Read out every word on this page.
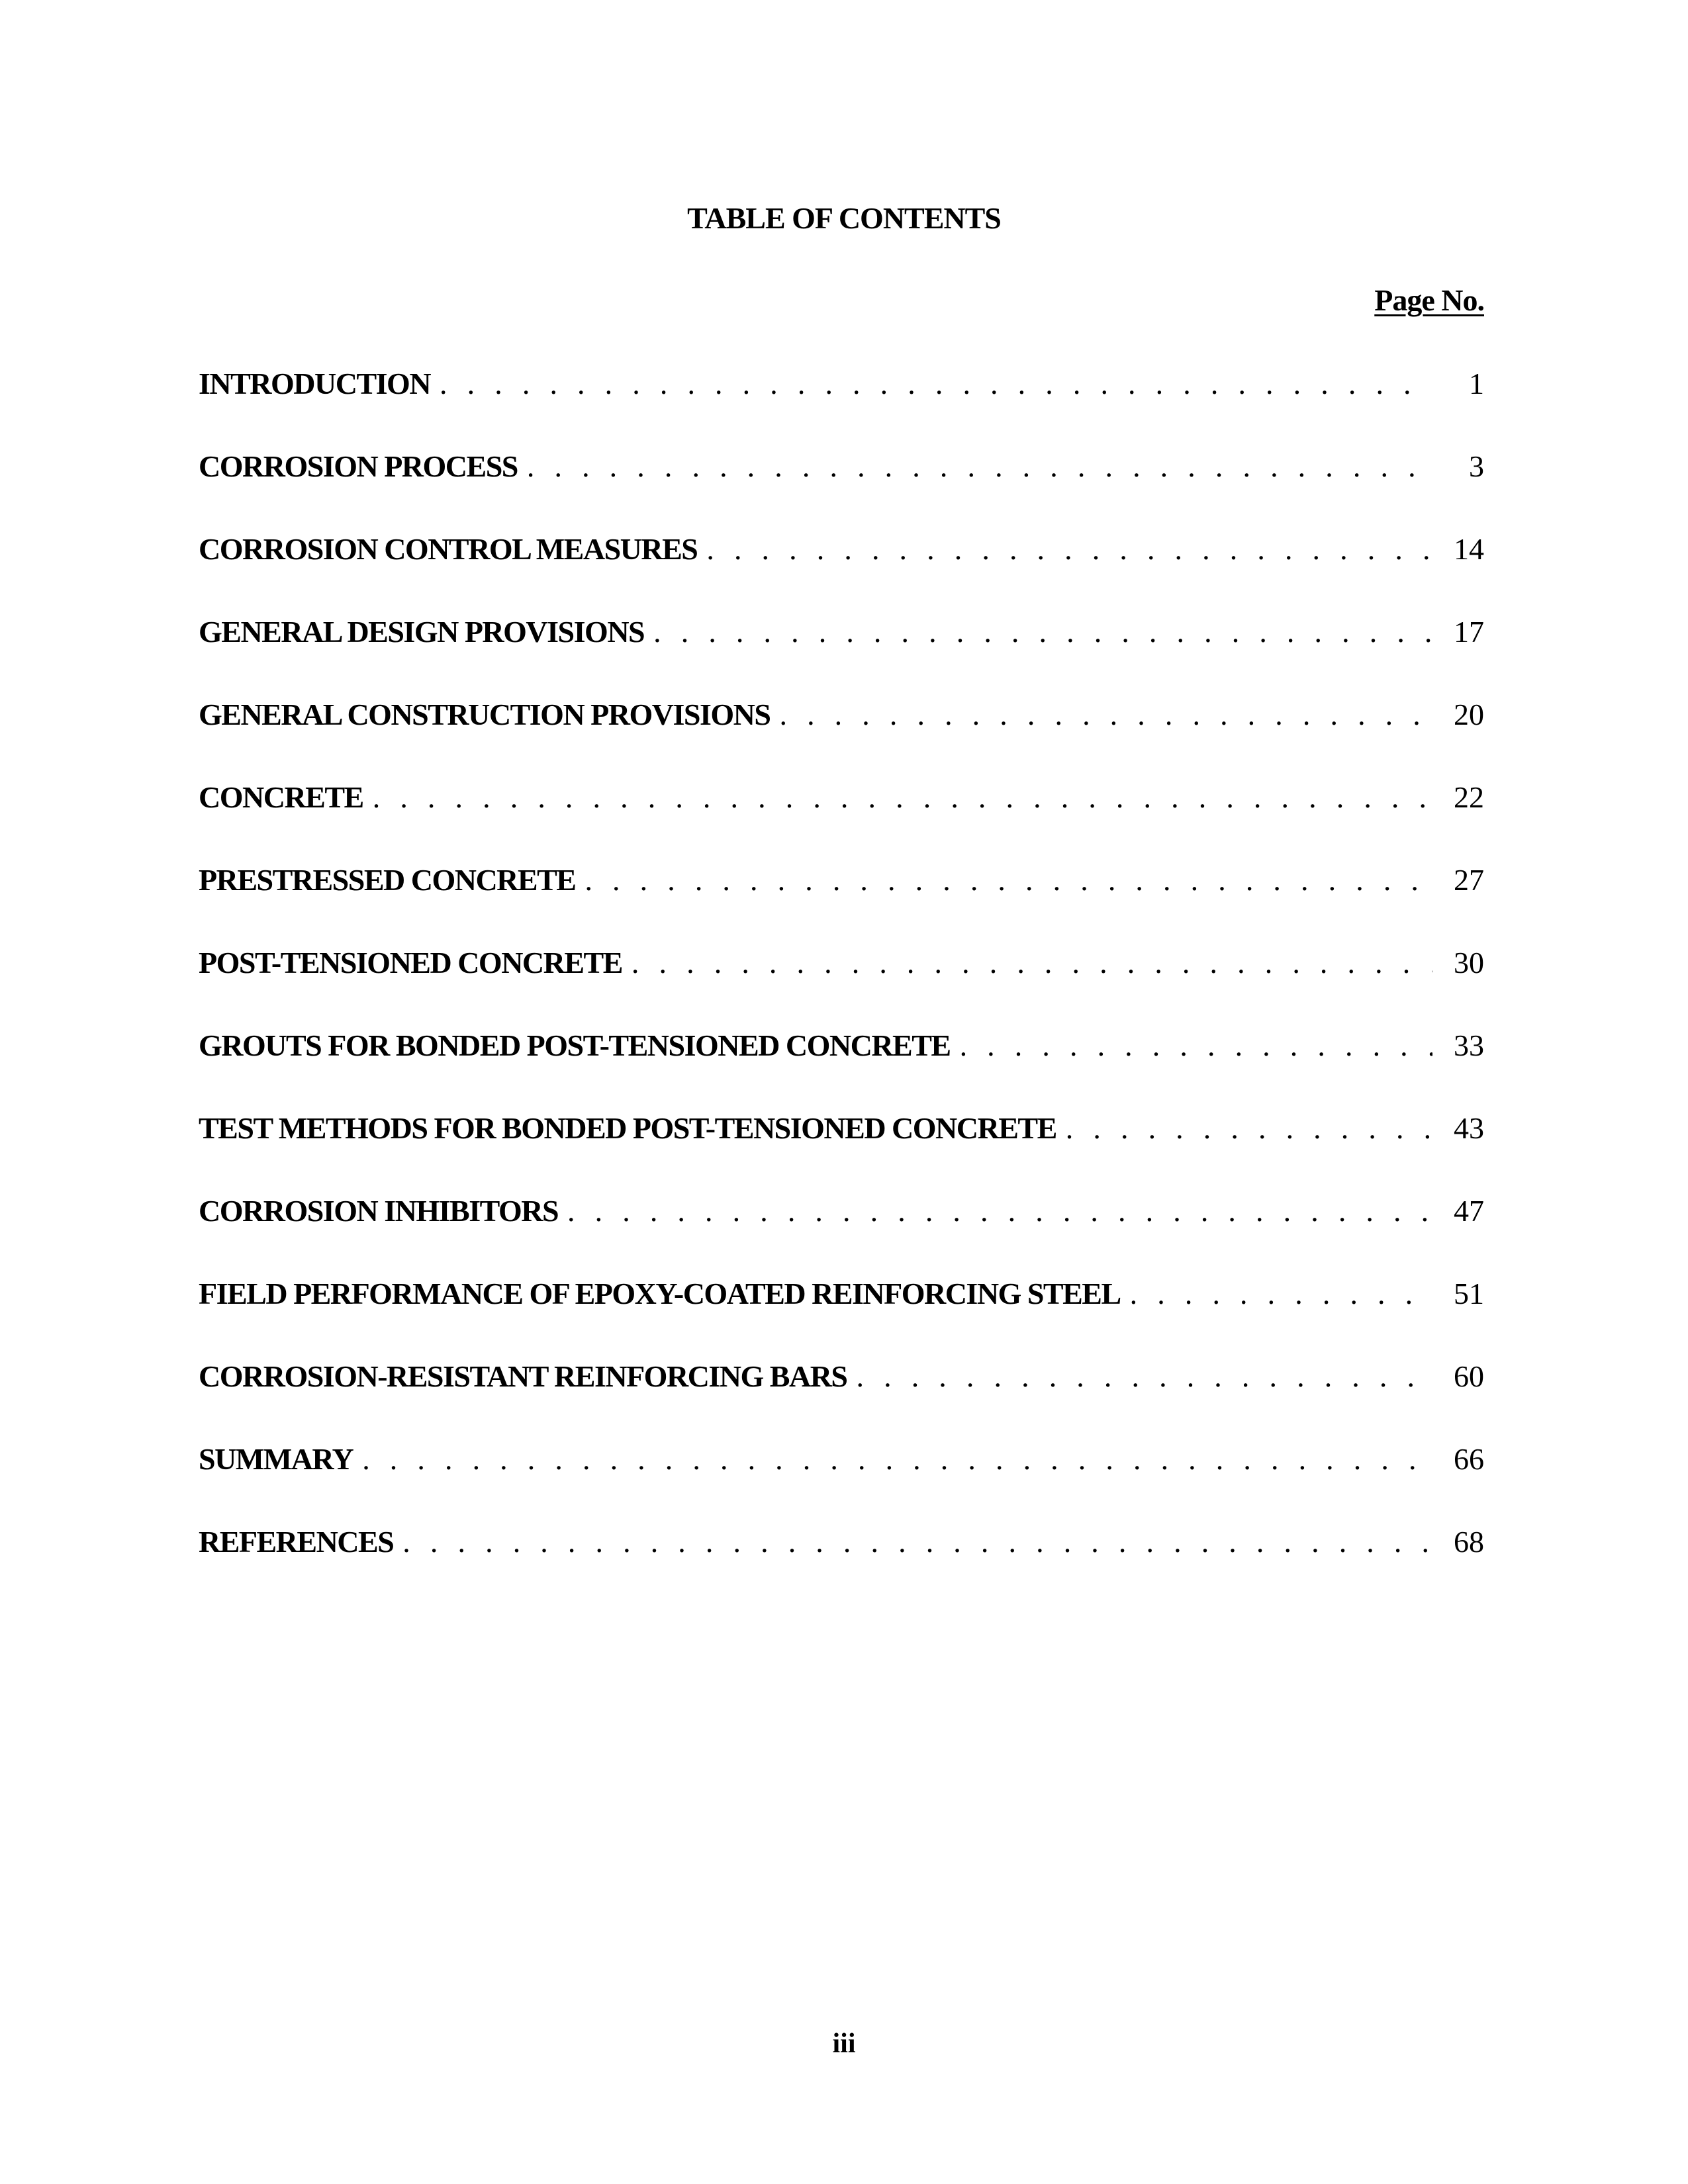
TABLE OF CONTENTS
Page No.
INTRODUCTION . . .	1
CORROSION PROCESS . . .	3
CORROSION CONTROL MEASURES . . .	14
GENERAL DESIGN PROVISIONS . . .	17
GENERAL CONSTRUCTION PROVISIONS . . .	20
CONCRETE . . .	22
PRESTRESSED CONCRETE . . .	27
POST-TENSIONED CONCRETE . . .	30
GROUTS FOR BONDED POST-TENSIONED CONCRETE . . .	33
TEST METHODS FOR BONDED POST-TENSIONED CONCRETE . . .	43
CORROSION INHIBITORS . . .	47
FIELD PERFORMANCE OF EPOXY-COATED REINFORCING STEEL . . .	51
CORROSION-RESISTANT REINFORCING BARS . . .	60
SUMMARY . . .	66
REFERENCES . . .	68
iii
